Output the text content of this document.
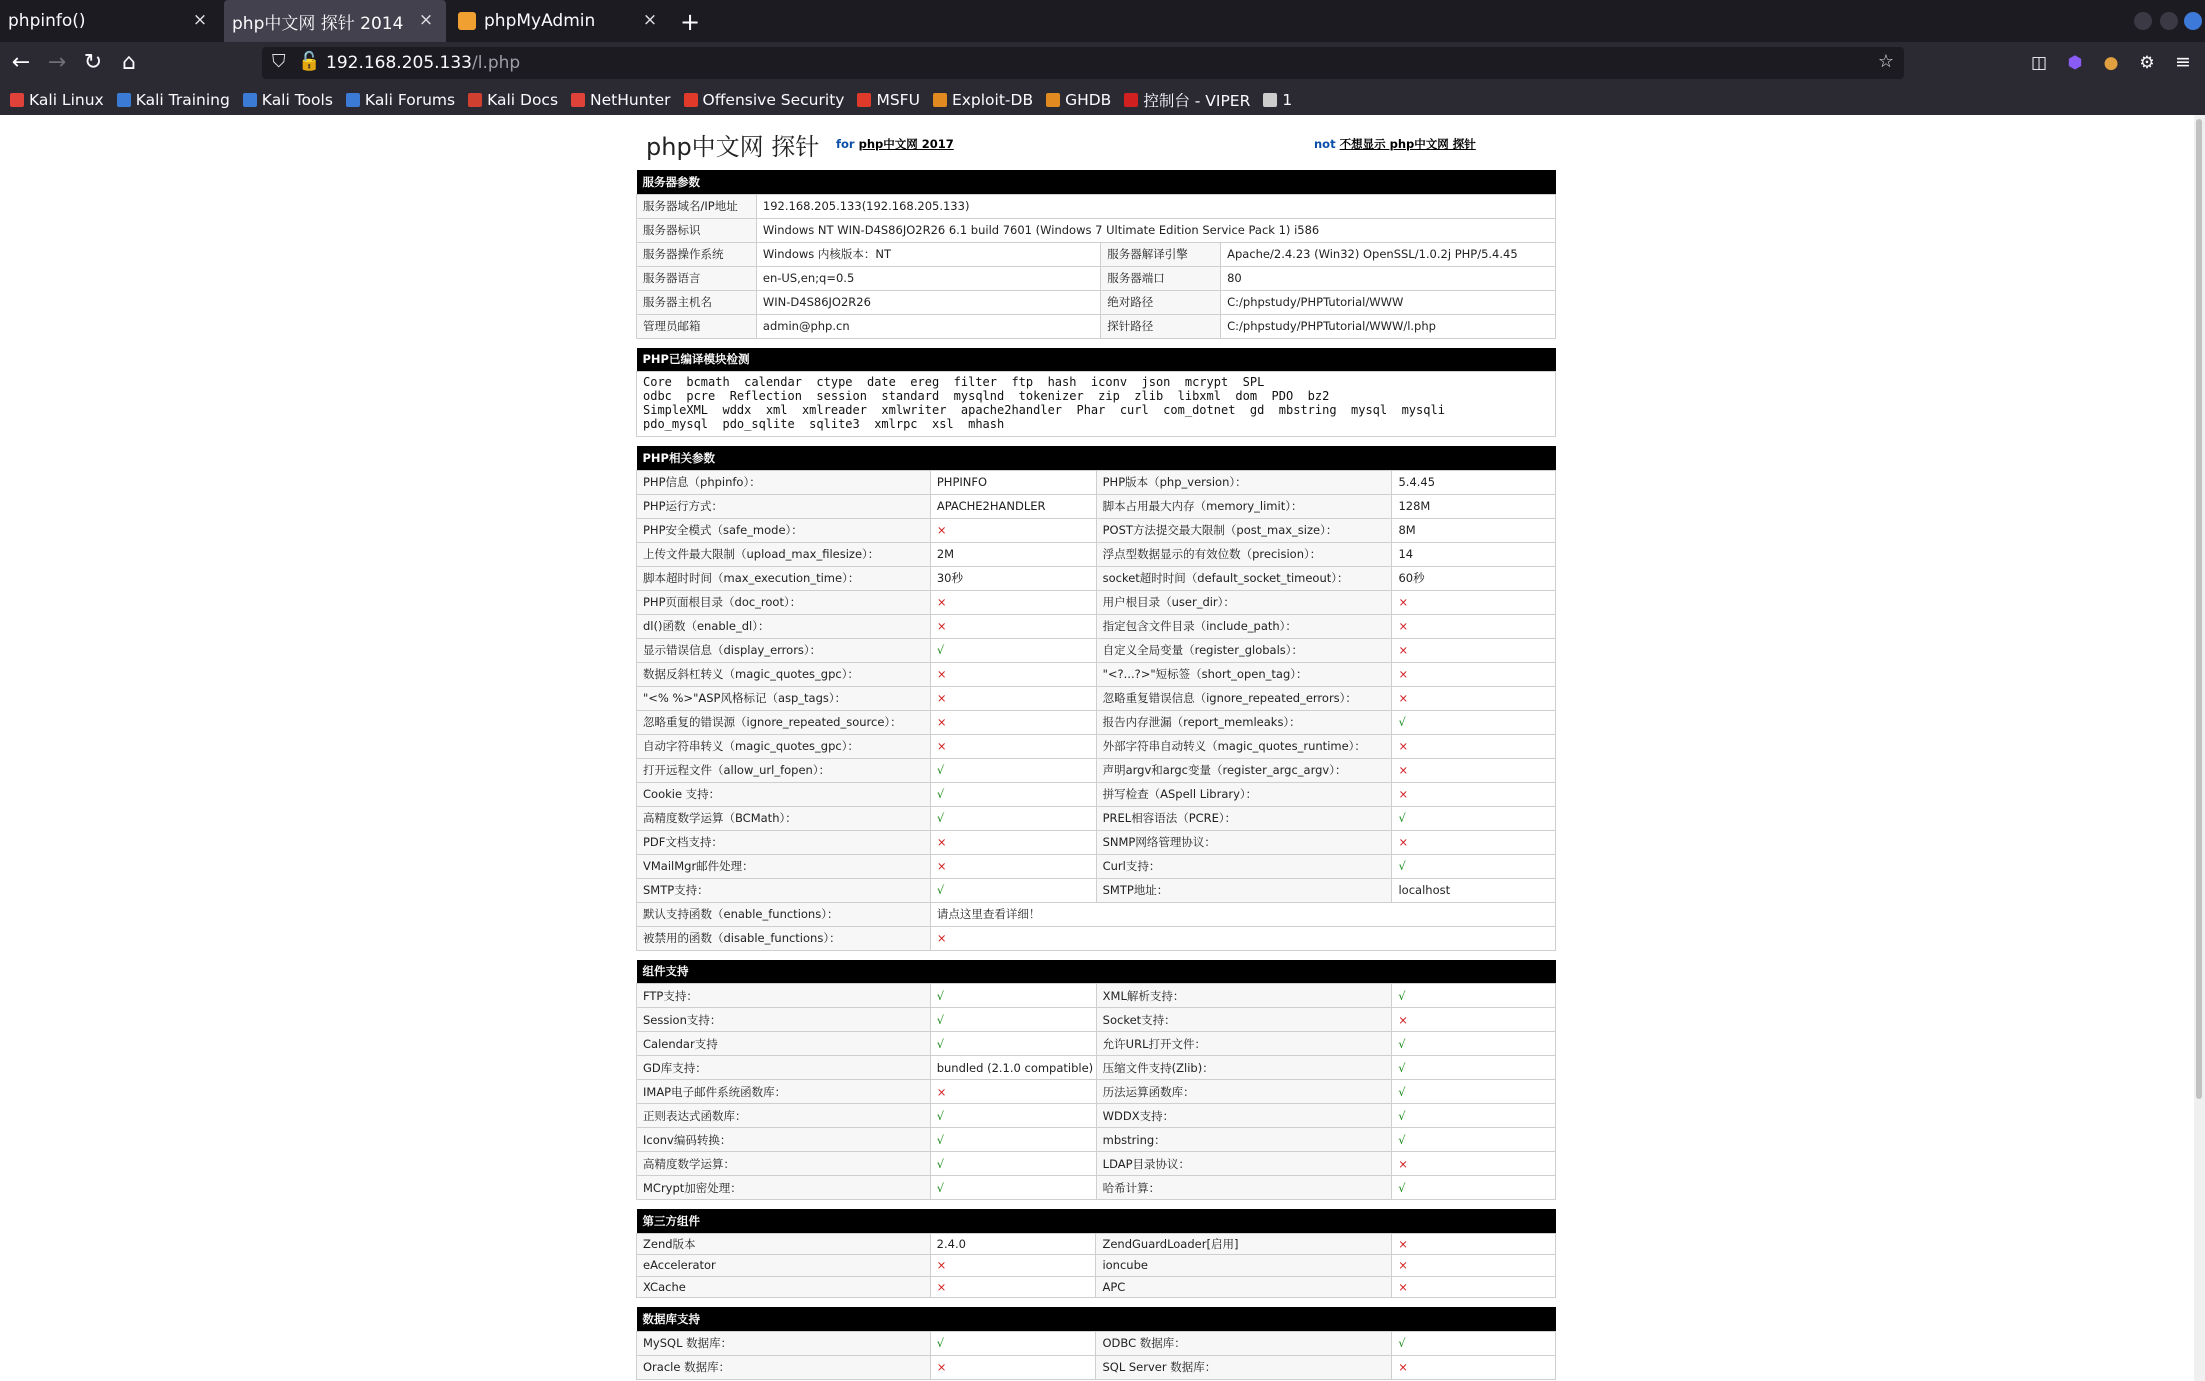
phpinfo()	× php中文网 探针 2014 ×	phpMyAdmin	× +
← → ↻ ⌂	⛉ 🔓 192.168.205.133 /l.php	☆	◫	⬢	●	⚙ ≡
Kali Linux Kali Training Kali Tools Kali Forums Kali Docs NetHunter Offensive Security MSFU Exploit-DB GHDB 控制台 - VIPER 1
php中文网 探针 for php中文网 2017	not 不想显示 php中文网 探针
服务器参数			
服务器域名/IP地址	192.168.205.133(192.168.205.133)		
服务器标识	Windows NT WIN-D4S86JO2R26 6.1 build 7601 (Windows 7 Ultimate Edition Service Pack 1) i586		
服务器操作系统	Windows 内核版本：NT	服务器解译引擎	Apache/2.4.23 (Win32) OpenSSL/1.0.2j PHP/5.4.45
服务器语言	en-US,en;q=0.5	服务器端口	80
服务器主机名	WIN-D4S86JO2R26	绝对路径	C:/phpstudy/PHPTutorial/WWW
管理员邮箱	admin@php.cn	探针路径	C:/phpstudy/PHPTutorial/WWW/l.php
PHP已编译模块检测

Core  bcmath  calendar  ctype  date  ereg  filter  ftp  hash  iconv  json  mcrypt  SPL
odbc  pcre  Reflection  session  standard  mysqlnd  tokenizer  zip  zlib  libxml  dom  PDO  bz2
SimpleXML  wddx  xml  xmlreader  xmlwriter  apache2handler  Phar  curl  com_dotnet  gd  mbstring  mysql  mysqli
pdo_mysql  pdo_sqlite  sqlite3  xmlrpc  xsl  mhash
PHP相关参数			
PHP信息（phpinfo）：	PHPINFO	PHP版本（php_version）：	5.4.45
PHP运行方式：	APACHE2HANDLER	脚本占用最大内存（memory_limit）：	128M
PHP安全模式（safe_mode）：	×	POST方法提交最大限制（post_max_size）：	8M
上传文件最大限制（upload_max_filesize）：	2M	浮点型数据显示的有效位数（precision）：	14
脚本超时时间（max_execution_time）：	30秒	socket超时时间（default_socket_timeout）：	60秒
PHP页面根目录（doc_root）：	×	用户根目录（user_dir）：	×
dl()函数（enable_dl）：	×	指定包含文件目录（include_path）：	×
显示错误信息（display_errors）：	√	自定义全局变量（register_globals）：	×
数据反斜杠转义（magic_quotes_gpc）：	×	"<?...?>"短标签（short_open_tag）：	×
"<% %>"ASP风格标记（asp_tags）：	×	忽略重复错误信息（ignore_repeated_errors）：	×
忽略重复的错误源（ignore_repeated_source）：	×	报告内存泄漏（report_memleaks）：	√
自动字符串转义（magic_quotes_gpc）：	×	外部字符串自动转义（magic_quotes_runtime）：	×
打开远程文件（allow_url_fopen）：	√	声明argv和argc变量（register_argc_argv）：	×
Cookie 支持：	√	拼写检查（ASpell Library）：	×
高精度数学运算（BCMath）：	√	PREL相容语法（PCRE）：	√
PDF文档支持：	×	SNMP网络管理协议：	×
VMailMgr邮件处理：	×	Curl支持：	√
SMTP支持：	√	SMTP地址：	localhost
默认支持函数（enable_functions）：	请点这里查看详细！		
被禁用的函数（disable_functions）：	×		
组件支持			
FTP支持：	√	XML解析支持：	√
Session支持：	√	Socket支持：	×
Calendar支持	√	允许URL打开文件：	√
GD库支持：	bundled (2.1.0 compatible)	压缩文件支持(Zlib)：	√
IMAP电子邮件系统函数库：	×	历法运算函数库：	√
正则表达式函数库：	√	WDDX支持：	√
Iconv编码转换：	√	mbstring：	√
高精度数学运算：	√	LDAP目录协议：	×
MCrypt加密处理：	√	哈希计算：	√
第三方组件			
Zend版本	2.4.0	ZendGuardLoader[启用]	×
eAccelerator	×	ioncube	×
XCache	×	APC	×
数据库支持			
MySQL 数据库：	√	ODBC 数据库：	√
Oracle 数据库：	×	SQL Server 数据库：	×
